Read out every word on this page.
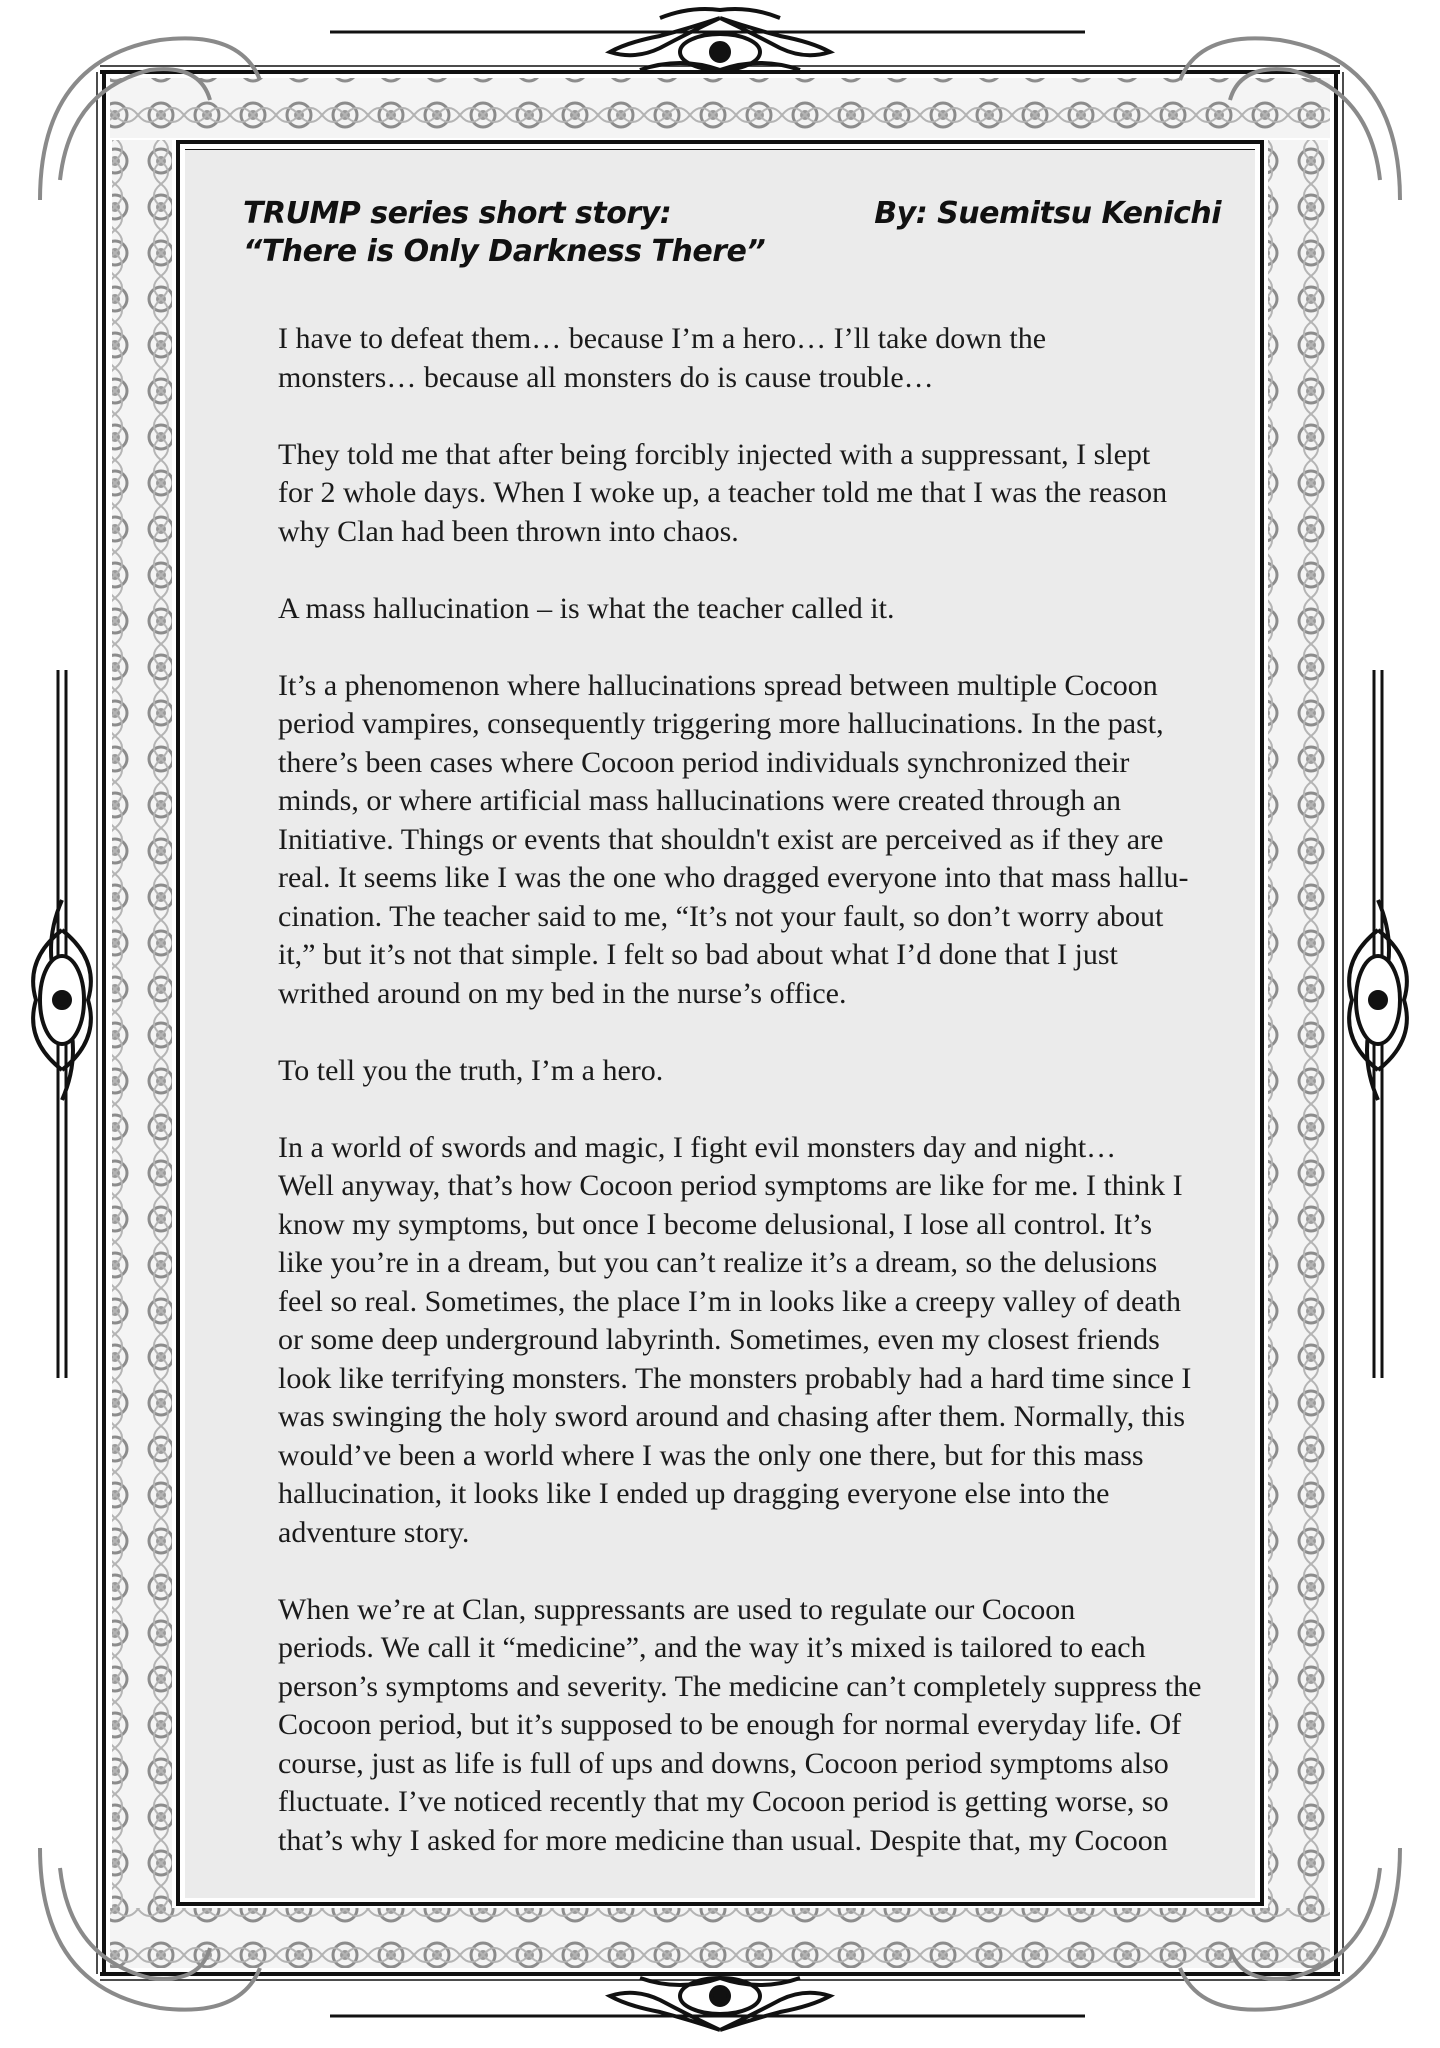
TRUMP series short story:
“There is Only Darkness There”
By: Suemitsu Kenichi

I have to defeat them… because I’m a hero… I’ll take down the
monsters… because all monsters do is cause trouble…

They told me that after being forcibly injected with a suppressant, I slept
for 2 whole days. When I woke up, a teacher told me that I was the reason
why Clan had been thrown into chaos.

A mass hallucination – is what the teacher called it.

It’s a phenomenon where hallucinations spread between multiple Cocoon
period vampires, consequently triggering more hallucinations. In the past,
there’s been cases where Cocoon period individuals synchronized their
minds, or where artificial mass hallucinations were created through an
Initiative. Things or events that shouldn't exist are perceived as if they are
real. It seems like I was the one who dragged everyone into that mass hallu-
cination. The teacher said to me, “It’s not your fault, so don’t worry about
it,” but it’s not that simple. I felt so bad about what I’d done that I just
writhed around on my bed in the nurse’s office.

To tell you the truth, I’m a hero.

In a world of swords and magic, I fight evil monsters day and night…
Well anyway, that’s how Cocoon period symptoms are like for me. I think I
know my symptoms, but once I become delusional, I lose all control. It’s
like you’re in a dream, but you can’t realize it’s a dream, so the delusions
feel so real. Sometimes, the place I’m in looks like a creepy valley of death
or some deep underground labyrinth. Sometimes, even my closest friends
look like terrifying monsters. The monsters probably had a hard time since I
was swinging the holy sword around and chasing after them. Normally, this
would’ve been a world where I was the only one there, but for this mass
hallucination, it looks like I ended up dragging everyone else into the
adventure story.

When we’re at Clan, suppressants are used to regulate our Cocoon
periods. We call it “medicine”, and the way it’s mixed is tailored to each
person’s symptoms and severity. The medicine can’t completely suppress the
Cocoon period, but it’s supposed to be enough for normal everyday life. Of
course, just as life is full of ups and downs, Cocoon period symptoms also
fluctuate. I’ve noticed recently that my Cocoon period is getting worse, so
that’s why I asked for more medicine than usual. Despite that, my Cocoon
